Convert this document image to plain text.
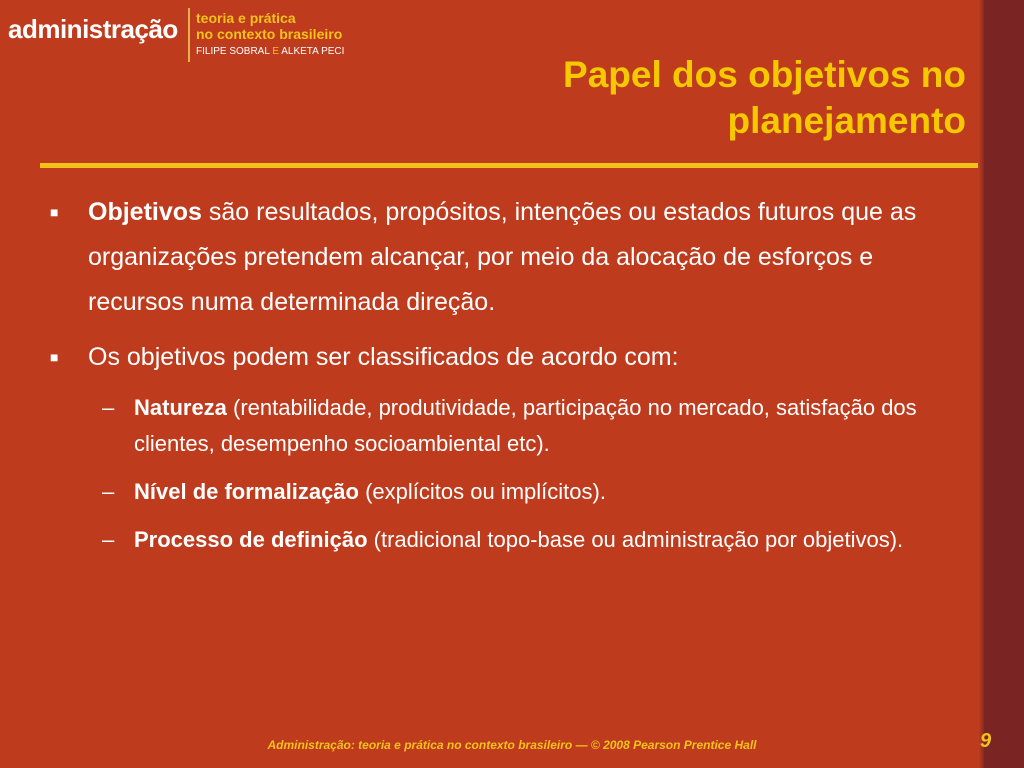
administração teoria e prática
no contexto brasileiro
FILIPE SOBRAL E ALKETA PECI
Papel dos objetivos no
planejamento
■ Objetivos são resultados, propósitos, intenções ou estados futuros que as organizações pretendem alcançar, por meio da alocação de esforços e recursos numa determinada direção.
■ Os objetivos podem ser classificados de acordo com:
– Natureza (rentabilidade, produtividade, participação no mercado, satisfação dos clientes, desempenho socioambiental etc).
– Nível de formalização (explícitos ou implícitos).
– Processo de definição (tradicional topo-base ou administração por objetivos).
Administração: teoria e prática no contexto brasileiro — © 2008 Pearson Prentice Hall	9
